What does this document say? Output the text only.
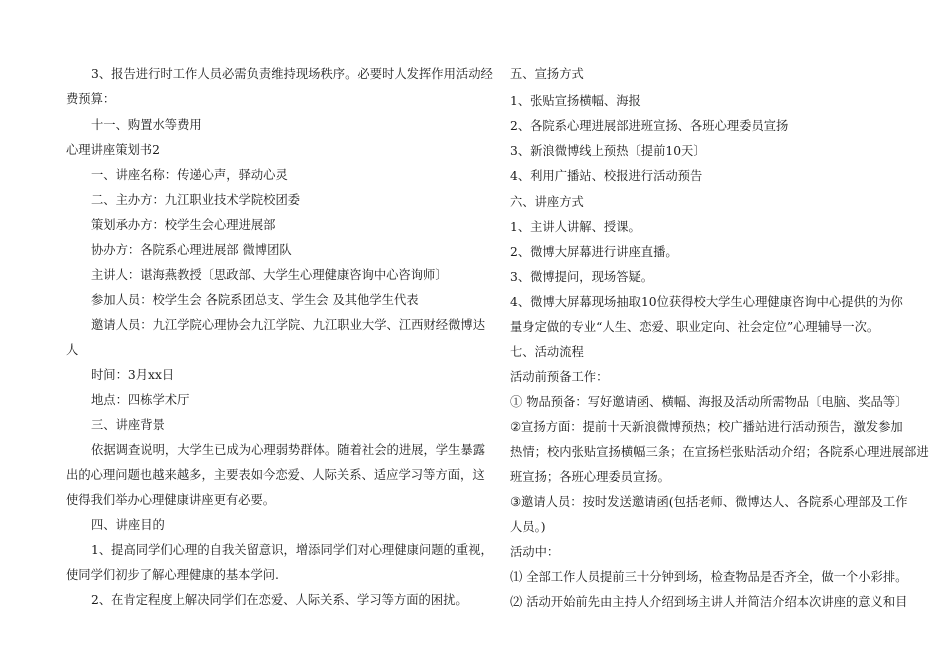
3 、 报 告 进 行 时 工 作 人 员 必 需 负 责 维 持 现 场 秩 序 。 必 要 时 人 发 挥 作 用 活 动 经
费预算：
十一、购置水等费用
心理讲座策划书2
一、讲座名称：传递心声，驿动心灵
二、主办方：九江职业技术学院校团委
策划承办方：校学生会心理进展部
协办方：各院系心理进展部 微博团队
主讲人：谌海燕教授〔思政部、大学生心理健康咨询中心咨询师〕
参加人员：校学生会 各院系团总支、学生会 及其他学生代表
邀 请 人 员 ： 九 江 学 院 心 理 协 会 九 江 学 院 、 九 江 职 业 大 学 、 江 西 财 经 微 博 达
人
时间：3月xx日
地点：四栋学术厅
三、讲座背景
依 据 调 查 说 明 ， 大 学 生 已 成 为 心 理 弱 势 群 体 。 随 着 社 会 的 进 展 ， 学 生 暴 露
出 的 心 理 问 题 也 越 来 越 多 ， 主 要 表 如 今 恋 爱 、 人 际 关 系 、 适 应 学 习 等 方 面 ， 这
使得我们举办心理健康讲座更有必要。
四、讲座目的
1 、 提 高 同 学 们 心 理 的 自 我 关 留 意 识 ， 增 添 同 学 们 对 心 理 健 康 问 题 的 重 视 ，
使同学们初步了解心理健康的基本学问.
2、在肯定程度上解决同学们在恋爱、人际关系、学习等方面的困扰。
五、宣扬方式
1、张贴宣扬横幅、海报
2、各院系心理进展部进班宣扬、各班心理委员宣扬
3、新浪微博线上预热〔提前10天〕
4、利用广播站、校报进行活动预告
六、讲座方式
1、主讲人讲解、授课。
2、微博大屏幕进行讲座直播。
3、微博提问，现场答疑。
4 、 微 博 大 屏 幕 现 场 抽 取 1 0 位 获 得 校 大 学 生 心 理 健 康 咨 询 中 心 提 供 的 为 你
量身定做的专业“人生、恋爱、职业定向、社会定位”心理辅导一次。
七、活动流程
活动前预备工作：
① 物品预备：写好邀请函、横幅、海报及活动所需物品〔电脑、奖品等〕
② 宣 扬 方 面 ： 提 前 十 天 新 浪 微 博 预 热 ； 校 广 播 站 进 行 活 动 预 告 ， 激 发 参 加
热 情 ； 校 内 张 贴 宣 扬 横 幅 三 条 ； 在 宣 扬 栏 张 贴 活 动 介 绍 ； 各 院 系 心 理 进 展 部 进
班宣扬；各班心理委员宣扬。
③ 邀 请 人 员 ： 按 时 发 送 邀 请 函 ( 包 括 老 师 、 微 博 达 人 、 各 院 系 心 理 部 及 工 作
人员。)
活动中：
⑴ 全部工作人员提前三十分钟到场，检查物品是否齐全，做一个小彩排。
⑵ 活动开始前先由主持人介绍到场主讲人并简洁介绍本次讲座的意义和目
